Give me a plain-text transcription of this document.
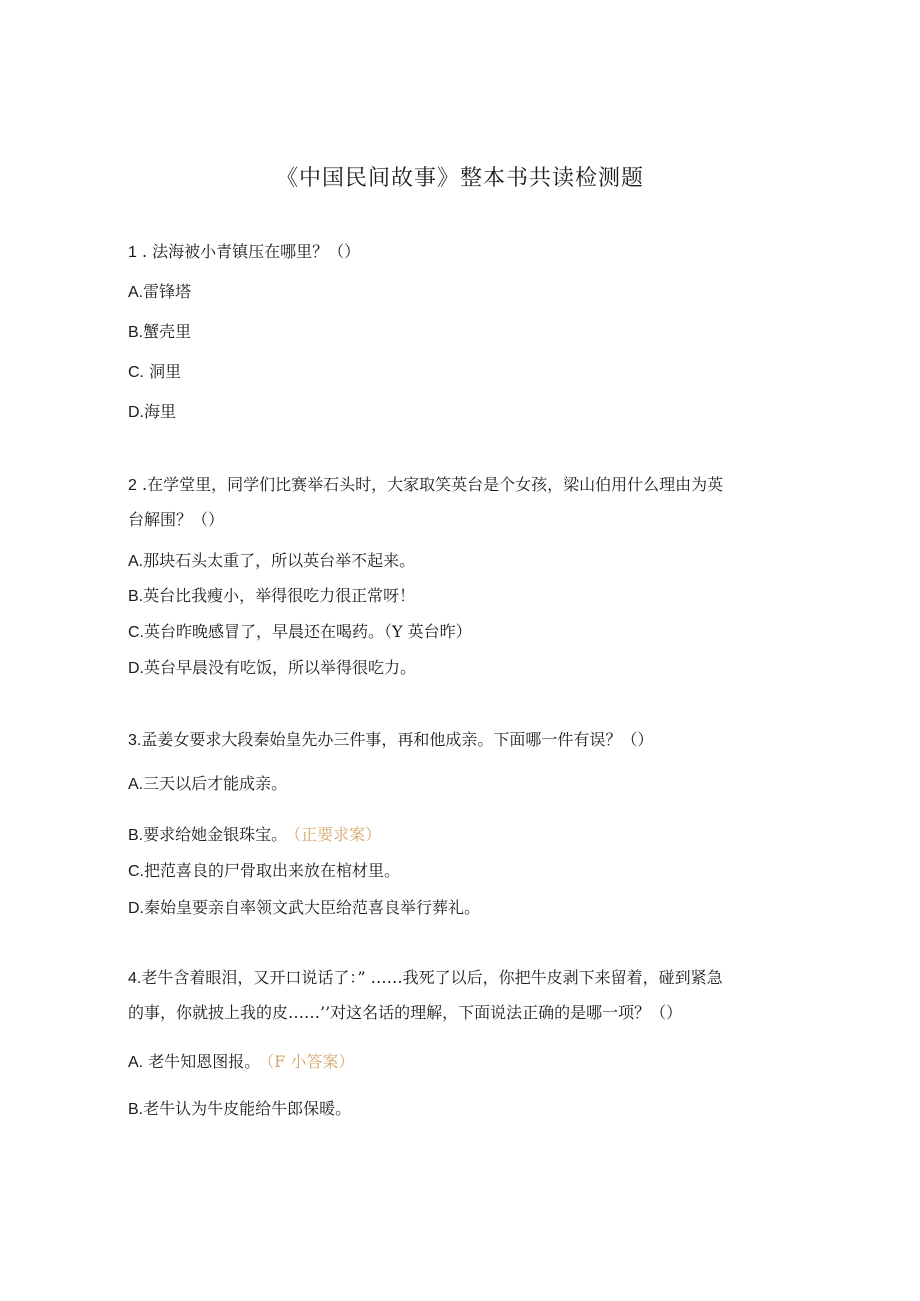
《中国民间故事》整本书共读检测题
1 . 法海被小青镇压在哪里？（）
A.雷锋塔
B.蟹壳里
C. 洞里
D.海里
2 .在学堂里，同学们比赛举石头时，大家取笑英台是个女孩，梁山伯用什么理由为英
台解围？（）
A.那块石头太重了，所以英台举不起来。
B.英台比我瘦小，举得很吃力很正常呀！
C.英台昨晚感冒了，早晨还在喝药。（Y 英台昨）
D.英台早晨没有吃饭，所以举得很吃力。
3.孟姜女要求大段秦始皇先办三件事，再和他成亲。下面哪一件有误？（）
A.三天以后才能成亲。
B.要求给她金银珠宝。 （正要求案）
C.把范喜良的尸骨取出来放在棺材里。
D.秦始皇要亲自率领文武大臣给范喜良举行葬礼。
4.老牛含着眼泪，又开口说话了：” ……我死了以后，你把牛皮剥下来留着，碰到紧急
的事，你就披上我的皮……’’对这名话的理解，下面说法正确的是哪一项？（）
A. 老牛知恩图报。 （F 小答案）
B.老牛认为牛皮能给牛郎保暖。
